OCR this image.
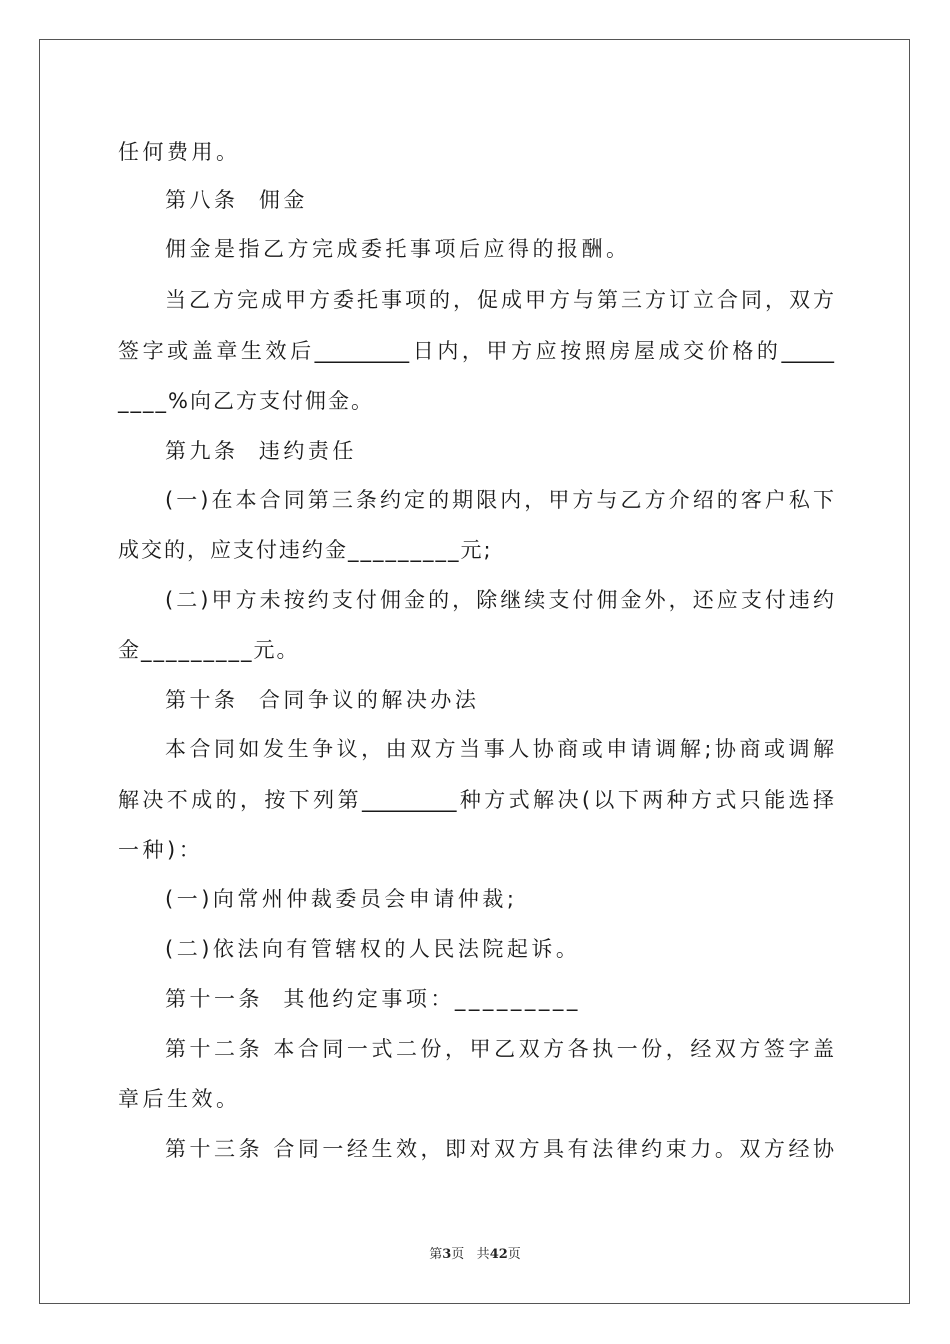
任何费用。

第八条  佣金

佣金是指乙方完成委托事项后应得的报酬。

当乙方完成甲方委托事项的，促成甲方与第三方订立合同，双方

签字或盖章生效后_________日内，甲方应按照房屋成交价格的_____

____%向乙方支付佣金。

第九条  违约责任

(一)在本合同第三条约定的期限内，甲方与乙方介绍的客户私下

成交的，应支付违约金_________元;

(二)甲方未按约支付佣金的，除继续支付佣金外，还应支付违约

金_________元。

第十条  合同争议的解决办法

本合同如发生争议，由双方当事人协商或申请调解;协商或调解

解决不成的，按下列第_________种方式解决(以下两种方式只能选择

一种)：

(一)向常州仲裁委员会申请仲裁;

(二)依法向有管辖权的人民法院起诉。

第十一条  其他约定事项：_________

第十二条 本合同一式二份，甲乙双方各执一份，经双方签字盖

章后生效。

第十三条 合同一经生效，即对双方具有法律约束力。双方经协

第3页 共42页
